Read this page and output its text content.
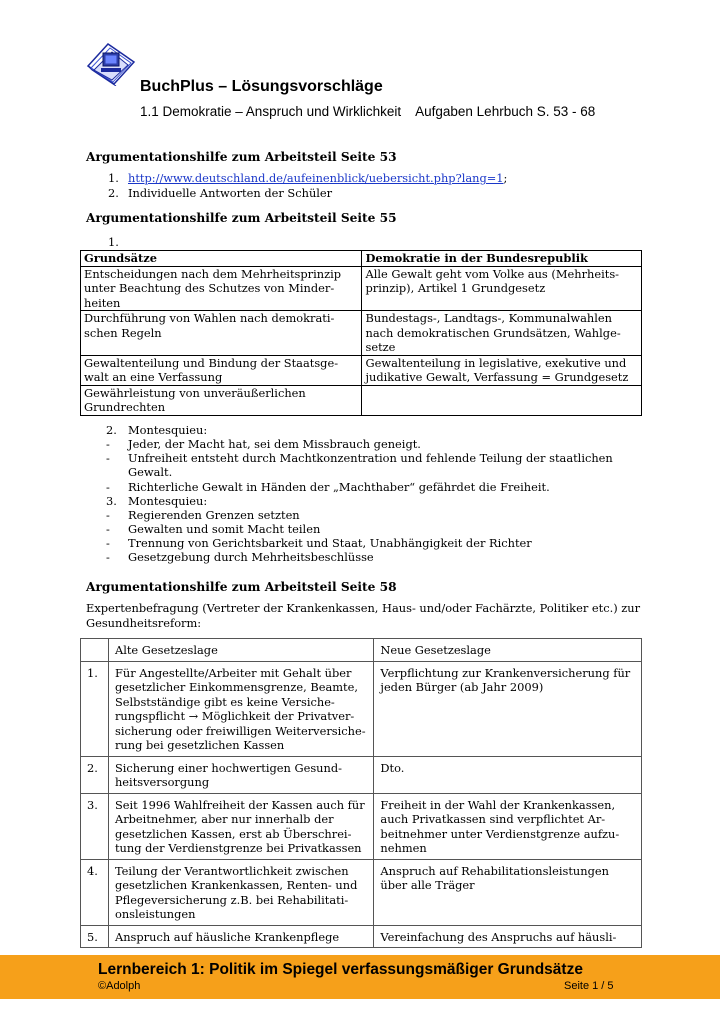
BuchPlus – Lösungsvorschläge
1.1 Demokratie – Anspruch und Wirklichkeit Aufgaben Lehrbuch S. 53 - 68
Argumentationshilfe zum Arbeitsteil Seite 53
1. http://www.deutschland.de/aufeinenblick/uebersicht.php?lang=1;
2. Individuelle Antworten der Schüler
Argumentationshilfe zum Arbeitsteil Seite 55
1.
Grundsätze	Demokratie in der Bundesrepublik
Entscheidungen nach dem Mehrheitsprinzip unter Beachtung des Schutzes von Minder-heiten	Alle Gewalt geht vom Volke aus (Mehrheits-prinzip), Artikel 1 Grundgesetz
Durchführung von Wahlen nach demokrati-schen Regeln	Bundestags-, Landtags-, Kommunalwahlen nach demokratischen Grundsätzen, Wahlge-setze
Gewaltenteilung und Bindung der Staatsge-walt an eine Verfassung	Gewaltenteilung in legislative, exekutive und judikative Gewalt, Verfassung = Grundgesetz
Gewährleistung von unveräußerlichen Grundrechten	
2. Montesquieu:
- Jeder, der Macht hat, sei dem Missbrauch geneigt.
- Unfreiheit entsteht durch Machtkonzentration und fehlende Teilung der staatlichen Gewalt.
- Richterliche Gewalt in Händen der „Machthaber“ gefährdet die Freiheit.
3. Montesquieu:
- Regierenden Grenzen setzten
- Gewalten und somit Macht teilen
- Trennung von Gerichtsbarkeit und Staat, Unabhängigkeit der Richter
- Gesetzgebung durch Mehrheitsbeschlüsse
Argumentationshilfe zum Arbeitsteil Seite 58
Expertenbefragung (Vertreter der Krankenkassen, Haus- und/oder Fachärzte, Politiker etc.) zur Gesundheitsreform:
	Alte Gesetzeslage	Neue Gesetzeslage
1.	Für Angestellte/Arbeiter mit Gehalt über gesetzlicher Einkommensgrenze, Beamte, Selbstständige gibt es keine Versiche-rungspflicht → Möglichkeit der Privatver-sicherung oder freiwilligen Weiterversiche-rung bei gesetzlichen Kassen	Verpflichtung zur Krankenversicherung für jeden Bürger (ab Jahr 2009)
2.	Sicherung einer hochwertigen Gesund-heitsversorgung	Dto.
3.	Seit 1996 Wahlfreiheit der Kassen auch für Arbeitnehmer, aber nur innerhalb der gesetzlichen Kassen, erst ab Überschrei-tung der Verdienstgrenze bei Privatkassen	Freiheit in der Wahl der Krankenkassen, auch Privatkassen sind verpflichtet Ar-beitnehmer unter Verdienstgrenze aufzu-nehmen
4.	Teilung der Verantwortlichkeit zwischen gesetzlichen Krankenkassen, Renten- und Pflegeversicherung z.B. bei Rehabilitati-onsleistungen	Anspruch auf Rehabilitationsleistungen über alle Träger
5.	Anspruch auf häusliche Krankenpflege	Vereinfachung des Anspruchs auf häusli-
Lernbereich 1: Politik im Spiegel verfassungsmäßiger Grundsätze
©Adolph	Seite 1 / 5
